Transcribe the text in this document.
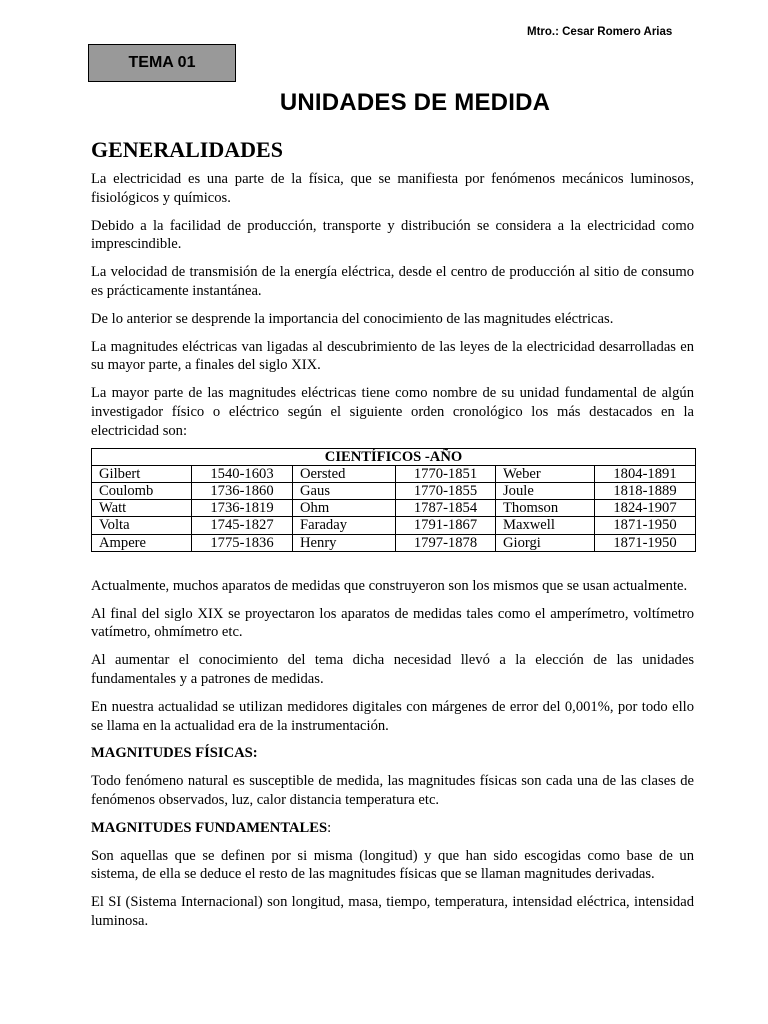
Mtro.: Cesar Romero Arias
TEMA 01
UNIDADES DE MEDIDA
GENERALIDADES

La electricidad es una parte de la física, que se manifiesta por fenómenos mecánicos luminosos, fisiológicos y químicos.

Debido a la facilidad de producción, transporte y distribución se considera a la electricidad como imprescindible.

La velocidad de transmisión de la energía eléctrica, desde el centro de producción al sitio de consumo es prácticamente instantánea.

De lo anterior se desprende la importancia del conocimiento de las magnitudes eléctricas.

La magnitudes eléctricas van ligadas al descubrimiento de las leyes de la electricidad desarrolladas en su mayor parte, a finales del siglo XIX.

La mayor parte de las magnitudes eléctricas tiene como nombre de su unidad fundamental de algún investigador físico o eléctrico según el siguiente orden cronológico los más destacados en la electricidad son:

CIENTÍFICOS -AÑO					
Gilbert	1540-1603	Oersted	1770-1851	Weber	1804-1891
Coulomb	1736-1860	Gaus	1770-1855	Joule	1818-1889
Watt	1736-1819	Ohm	1787-1854	Thomson	1824-1907
Volta	1745-1827	Faraday	1791-1867	Maxwell	1871-1950
Ampere	1775-1836	Henry	1797-1878	Giorgi	1871-1950

Actualmente, muchos aparatos de medidas que construyeron son los mismos que se usan actualmente.

Al final del siglo XIX se proyectaron los aparatos de medidas tales como el amperímetro, voltímetro vatímetro, ohmímetro etc.

Al aumentar el conocimiento del tema dicha necesidad llevó a la elección de las unidades fundamentales y a patrones de medidas.

En nuestra actualidad se utilizan medidores digitales con márgenes de error del 0,001%, por todo ello se llama en la actualidad era de la instrumentación.

MAGNITUDES FÍSICAS:

Todo fenómeno natural es susceptible de medida, las magnitudes físicas son cada una de las clases de fenómenos observados, luz, calor distancia temperatura etc.

MAGNITUDES FUNDAMENTALES:

Son aquellas que se definen por si misma (longitud) y que han sido escogidas como base de un sistema, de ella se deduce el resto de las magnitudes físicas que se llaman magnitudes derivadas.

El SI (Sistema Internacional) son longitud, masa, tiempo, temperatura, intensidad eléctrica, intensidad luminosa.
